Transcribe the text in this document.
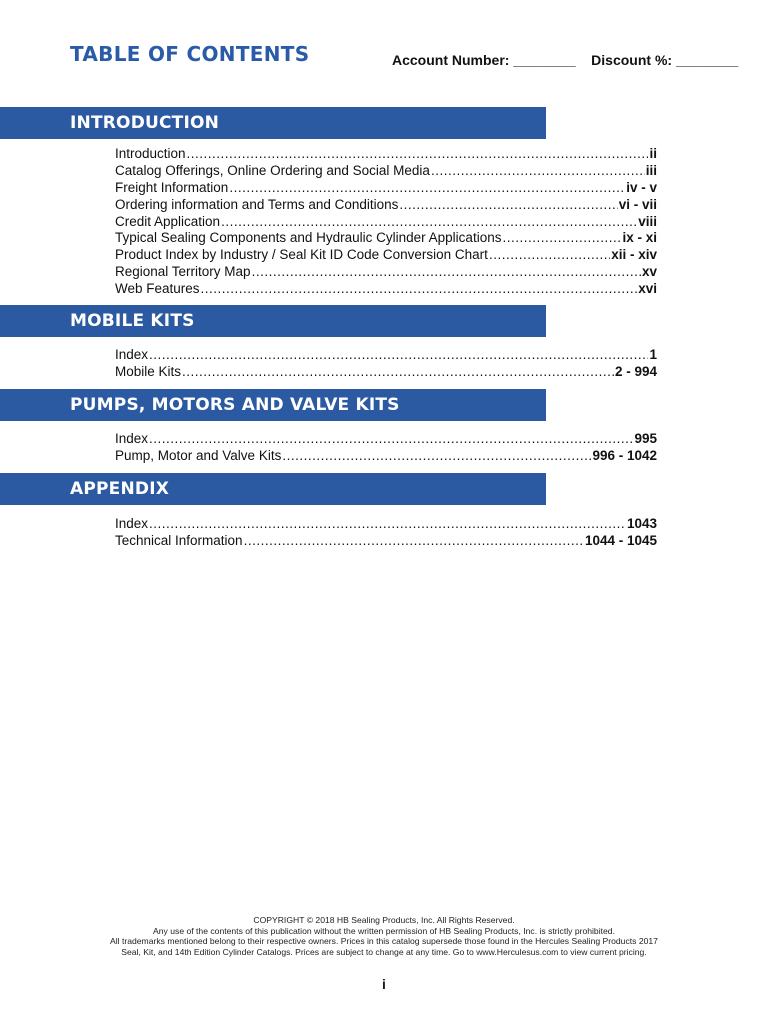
TABLE OF CONTENTS	Account Number: ________    Discount %: ________
INTRODUCTION
Introduction .....	ii
Catalog Offerings, Online Ordering and Social Media .....	iii
Freight Information .....	iv - v
Ordering information and Terms and Conditions .....	vi - vii
Credit Application .....	viii
Typical Sealing Components and Hydraulic Cylinder Applications .....	ix - xi
Product Index by Industry / Seal Kit ID Code Conversion Chart .....	xii - xiv
Regional Territory Map .....	xv
Web Features .....	xvi
MOBILE KITS
Index .....	1
Mobile Kits .....	2 - 994
PUMPS, MOTORS AND VALVE KITS
Index .....	995
Pump, Motor and Valve Kits .....	996 - 1042
APPENDIX
Index .....	1043
Technical Information .....	1044 - 1045
COPYRIGHT © 2018 HB Sealing Products, Inc. All Rights Reserved.
Any use of the contents of this publication without the written permission of HB Sealing Products, Inc. is strictly prohibited.
All trademarks mentioned belong to their respective owners. Prices in this catalog supersede those found in the Hercules Sealing Products 2017
Seal, Kit, and 14th Edition Cylinder Catalogs. Prices are subject to change at any time. Go to www.Herculesus.com to view current pricing.
i
